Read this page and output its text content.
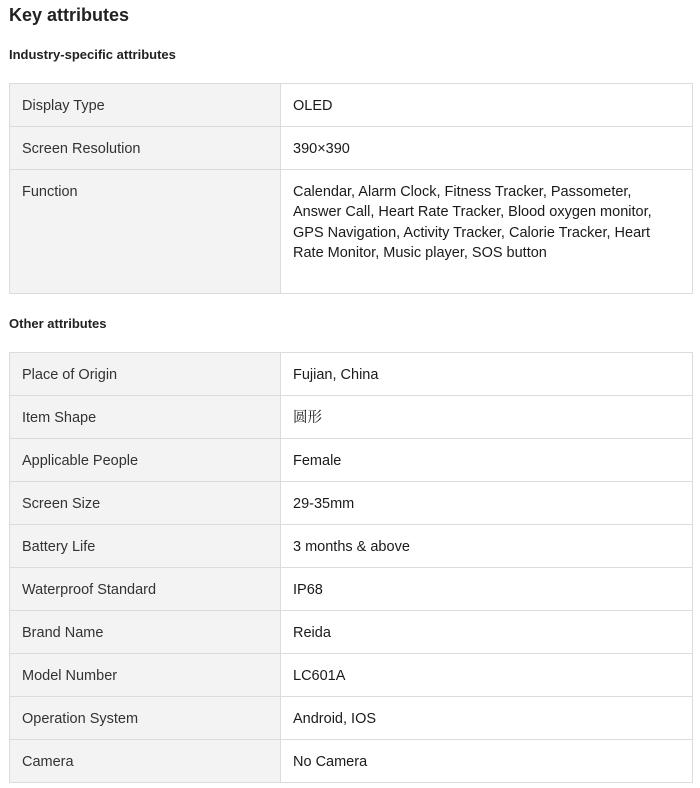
Key attributes
Industry-specific attributes
Display Type	OLED
Screen Resolution	390×390
Function	Calendar, Alarm Clock, Fitness Tracker, Passometer, Answer Call, Heart Rate Tracker, Blood oxygen monitor, GPS Navigation, Activity Tracker, Calorie Tracker, Heart Rate Monitor, Music player, SOS button
Other attributes
Place of Origin	Fujian, China
Item Shape	圆形
Applicable People	Female
Screen Size	29-35mm
Battery Life	3 months & above
Waterproof Standard	IP68
Brand Name	Reida
Model Number	LC601A
Operation System	Android, IOS
Camera	No Camera
